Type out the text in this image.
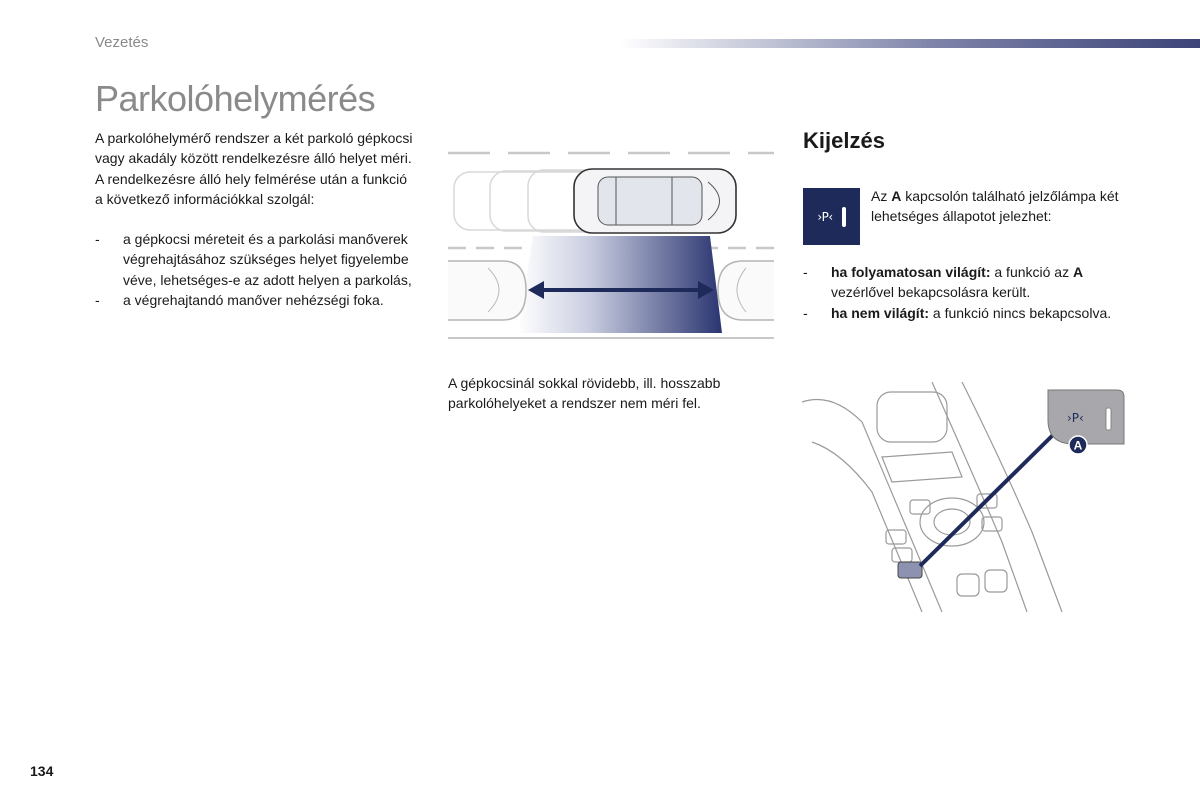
Vezetés
Parkolóhelymérés
A parkolóhelymérő rendszer a két parkoló gépkocsi vagy akadály között rendelkezésre álló helyet méri. A rendelkezésre álló hely felmérése után a funkció a következő információkkal szolgál:
- a gépkocsi méreteit és a parkolási manőverek végrehajtásához szükséges helyet figyelembe véve, lehetséges-e az adott helyen a parkolás,
- a végrehajtandó manőver nehézségi foka.
A gépkocsinál sokkal rövidebb, ill. hosszabb parkolóhelyeket a rendszer nem méri fel.
Kijelzés
›P‹
Az A kapcsolón található jelzőlámpa két lehetséges állapotot jelezhet:
- ha folyamatosan világít: a funkció az A vezérlővel bekapcsolásra került.
- ha nem világít: a funkció nincs bekapcsolva.
›P‹
A
134
